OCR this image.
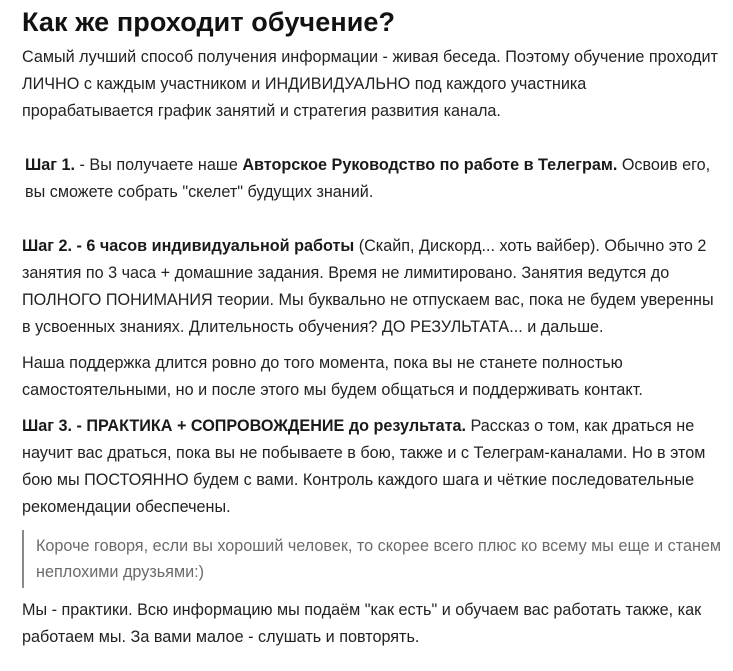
Как же проходит обучение?

Самый лучший способ получения информации - живая беседа. Поэтому обучение проходит ЛИЧНО с каждым участником и ИНДИВИДУАЛЬНО под каждого участника прорабатывается график занятий и стратегия развития канала.

Шаг 1. - Вы получаете наше Авторское Руководство по работе в Телеграм. Освоив его, вы сможете собрать "скелет" будущих знаний.

Шаг 2. - 6 часов индивидуальной работы (Скайп, Дискорд... хоть вайбер). Обычно это 2 занятия по 3 часа + домашние задания. Время не лимитировано. Занятия ведутся до ПОЛНОГО ПОНИМАНИЯ теории. Мы буквально не отпускаем вас, пока не будем уверенны в усвоенных знаниях. Длительность обучения? ДО РЕЗУЛЬТАТА... и дальше.

Наша поддержка длится ровно до того момента, пока вы не станете полностью самостоятельными, но и после этого мы будем общаться и поддерживать контакт.

Шаг 3. - ПРАКТИКА + СОПРОВОЖДЕНИЕ до результата. Рассказ о том, как драться не научит вас драться, пока вы не побываете в бою, также и с Телеграм-каналами. Но в этом бою мы ПОСТОЯННО будем с вами. Контроль каждого шага и чёткие последовательные рекомендации обеспечены.

Короче говоря, если вы хороший человек, то скорее всего плюс ко всему мы еще и станем неплохими друзьями:)

Мы - практики. Всю информацию мы подаём "как есть" и обучаем вас работать также, как работаем мы. За вами малое - слушать и повторять.
